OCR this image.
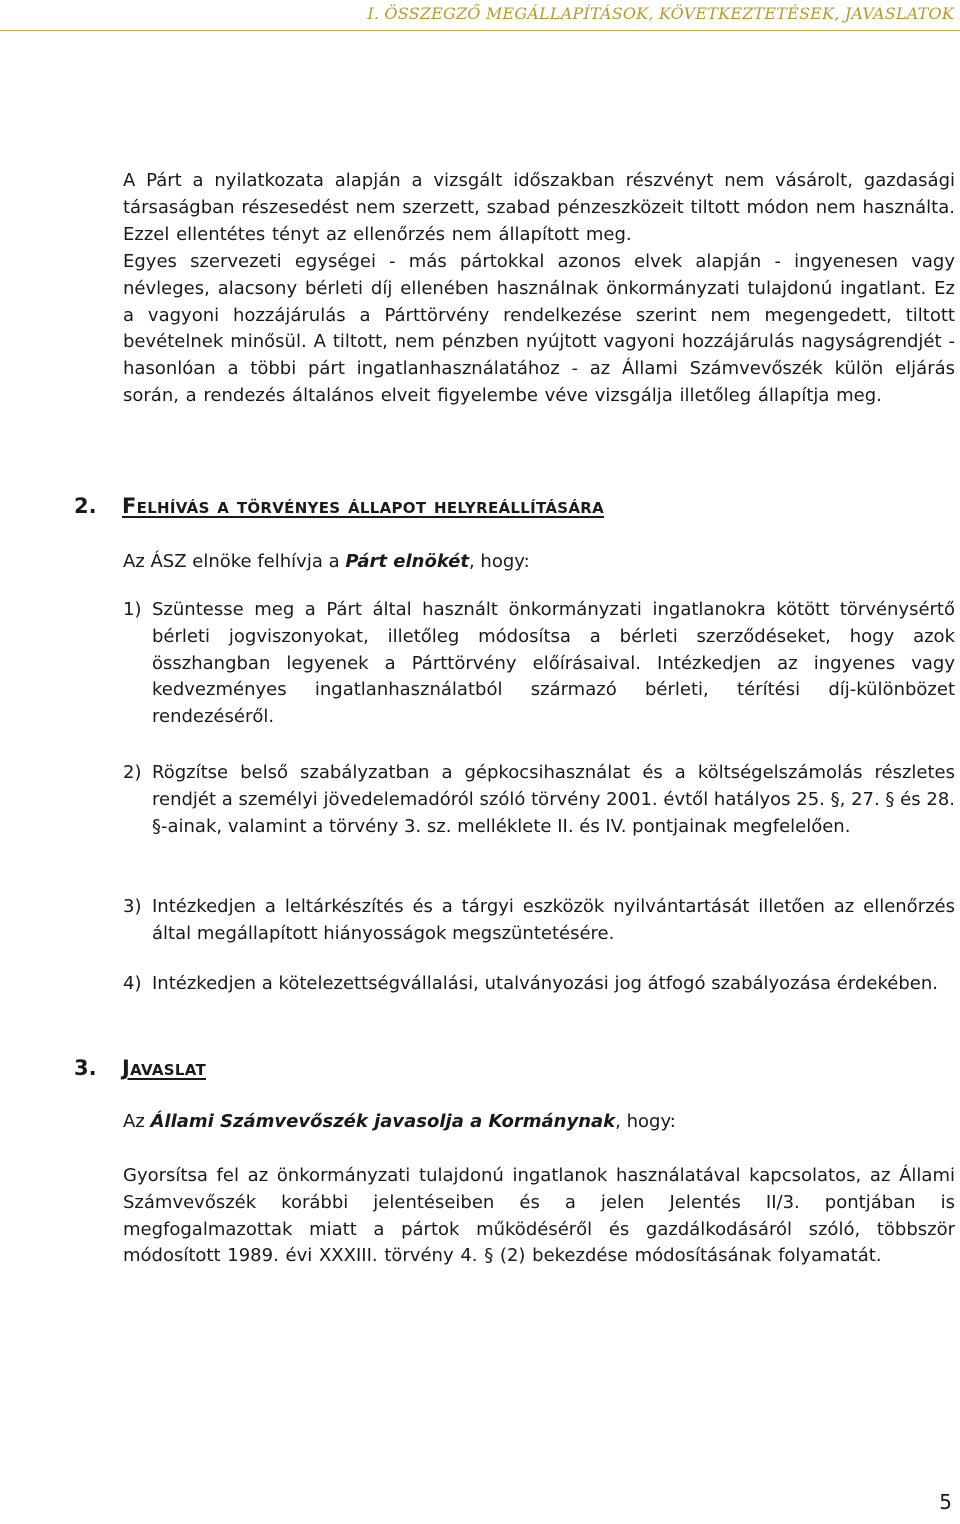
I. ÖSSZEGZŐ MEGÁLLAPÍTÁSOK, KÖVETKEZTETÉSEK, JAVASLATOK

A Párt a nyilatkozata alapján a vizsgált időszakban részvényt nem vásárolt, gazdasági társaságban részesedést nem szerzett, szabad pénzeszközeit tiltott módon nem használta. Ezzel ellentétes tényt az ellenőrzés nem állapított meg.

Egyes szervezeti egységei - más pártokkal azonos elvek alapján - ingyenesen vagy névleges, alacsony bérleti díj ellenében használnak önkormányzati tulajdonú ingatlant. Ez a vagyoni hozzájárulás a Párttörvény rendelkezése szerint nem megengedett, tiltott bevételnek minősül. A tiltott, nem pénzben nyújtott vagyoni hozzájárulás nagyságrendjét - hasonlóan a többi párt ingatlanhasználatához - az Állami Számvevőszék külön eljárás során, a rendezés általános elveit figyelembe véve vizsgálja illetőleg állapítja meg.

2. Felhívás a törvényes állapot helyreállítására

Az ÁSZ elnöke felhívja a Párt elnökét, hogy:

1) Szüntesse meg a Párt által használt önkormányzati ingatlanokra kötött törvénysértő bérleti jogviszonyokat, illetőleg módosítsa a bérleti szerződéseket, hogy azok összhangban legyenek a Párttörvény előírásaival. Intézkedjen az ingyenes vagy kedvezményes ingatlanhasználatból származó bérleti, térítési díj-különbözet rendezéséről.
2) Rögzítse belső szabályzatban a gépkocsihasználat és a költségelszámolás részletes rendjét a személyi jövedelemadóról szóló törvény 2001. évtől hatályos 25. §, 27. § és 28. §-ainak, valamint a törvény 3. sz. melléklete II. és IV. pontjainak megfelelően.
3) Intézkedjen a leltárkészítés és a tárgyi eszközök nyilvántartását illetően az ellenőrzés által megállapított hiányosságok megszüntetésére.
4) Intézkedjen a kötelezettségvállalási, utalványozási jog átfogó szabályozása érdekében.
3. Javaslat

Az Állami Számvevőszék javasolja a Kormánynak, hogy:

Gyorsítsa fel az önkormányzati tulajdonú ingatlanok használatával kapcsolatos, az Állami Számvevőszék korábbi jelentéseiben és a jelen Jelentés II/3. pontjában is megfogalmazottak miatt a pártok működéséről és gazdálkodásáról szóló, többször módosított 1989. évi XXXIII. törvény 4. § (2) bekezdése módosításának folyamatát.

5
